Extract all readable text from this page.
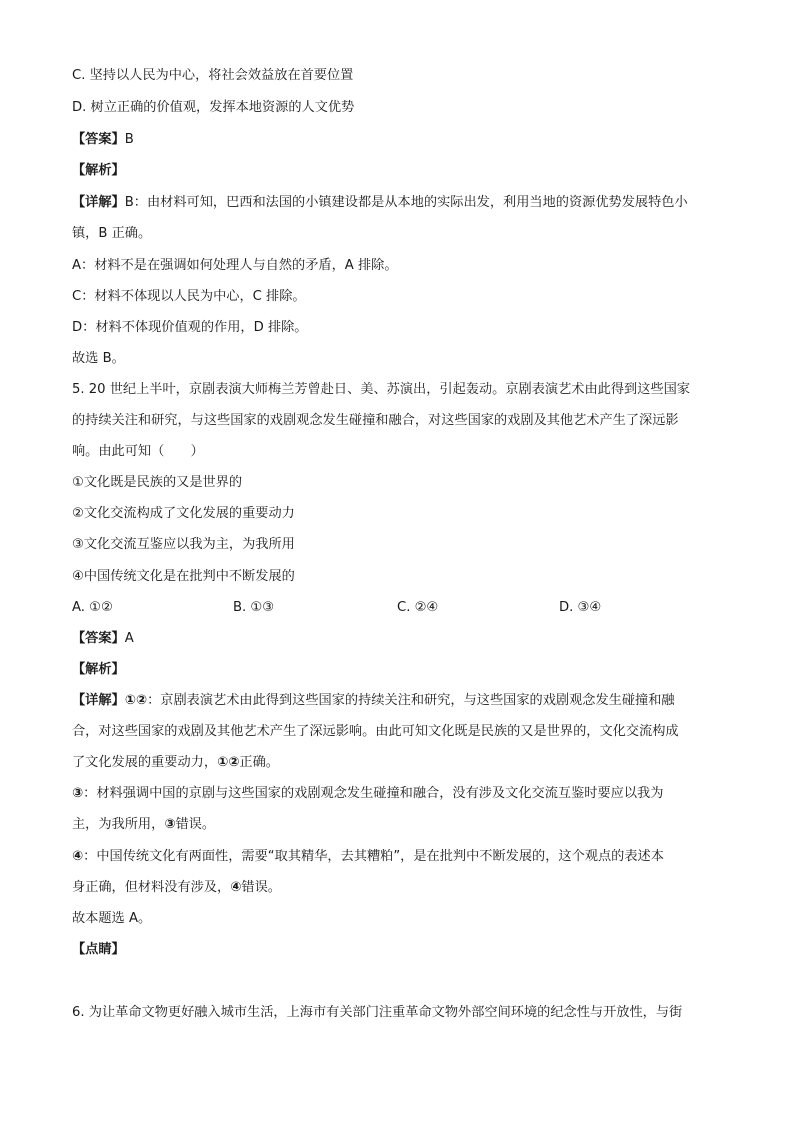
C. 坚持以人民为中心，将社会效益放在首要位置
D. 树立正确的价值观，发挥本地资源的人文优势
【答案】B
【解析】
【详解】B：由材料可知，巴西和法国的小镇建设都是从本地的实际出发，利用当地的资源优势发展特色小
镇，B 正确。
A：材料不是在强调如何处理人与自然的矛盾，A 排除。
C：材料不体现以人民为中心，C 排除。
D：材料不体现价值观的作用，D 排除。
故选 B。
5. 20 世纪上半叶，京剧表演大师梅兰芳曾赴日、美、苏演出，引起轰动。京剧表演艺术由此得到这些国家
的持续关注和研究，与这些国家的戏剧观念发生碰撞和融合，对这些国家的戏剧及其他艺术产生了深远影
响。由此可知（　　）
①文化既是民族的又是世界的
②文化交流构成了文化发展的重要动力
③文化交流互鉴应以我为主，为我所用
④中国传统文化是在批判中不断发展的
A. ①②	B. ①③	C. ②④	D. ③④
【答案】A
【解析】
【详解】①②：京剧表演艺术由此得到这些国家的持续关注和研究，与这些国家的戏剧观念发生碰撞和融
合，对这些国家的戏剧及其他艺术产生了深远影响。由此可知文化既是民族的又是世界的，文化交流构成
了文化发展的重要动力，①②正确。
③：材料强调中国的京剧与这些国家的戏剧观念发生碰撞和融合，没有涉及文化交流互鉴时要应以我为
主，为我所用，③错误。
④：中国传统文化有两面性，需要“取其精华，去其糟粕”，是在批判中不断发展的，这个观点的表述本
身正确，但材料没有涉及，④错误。
故本题选 A。
【点睛】
6. 为让革命文物更好融入城市生活，上海市有关部门注重革命文物外部空间环境的纪念性与开放性，与街
